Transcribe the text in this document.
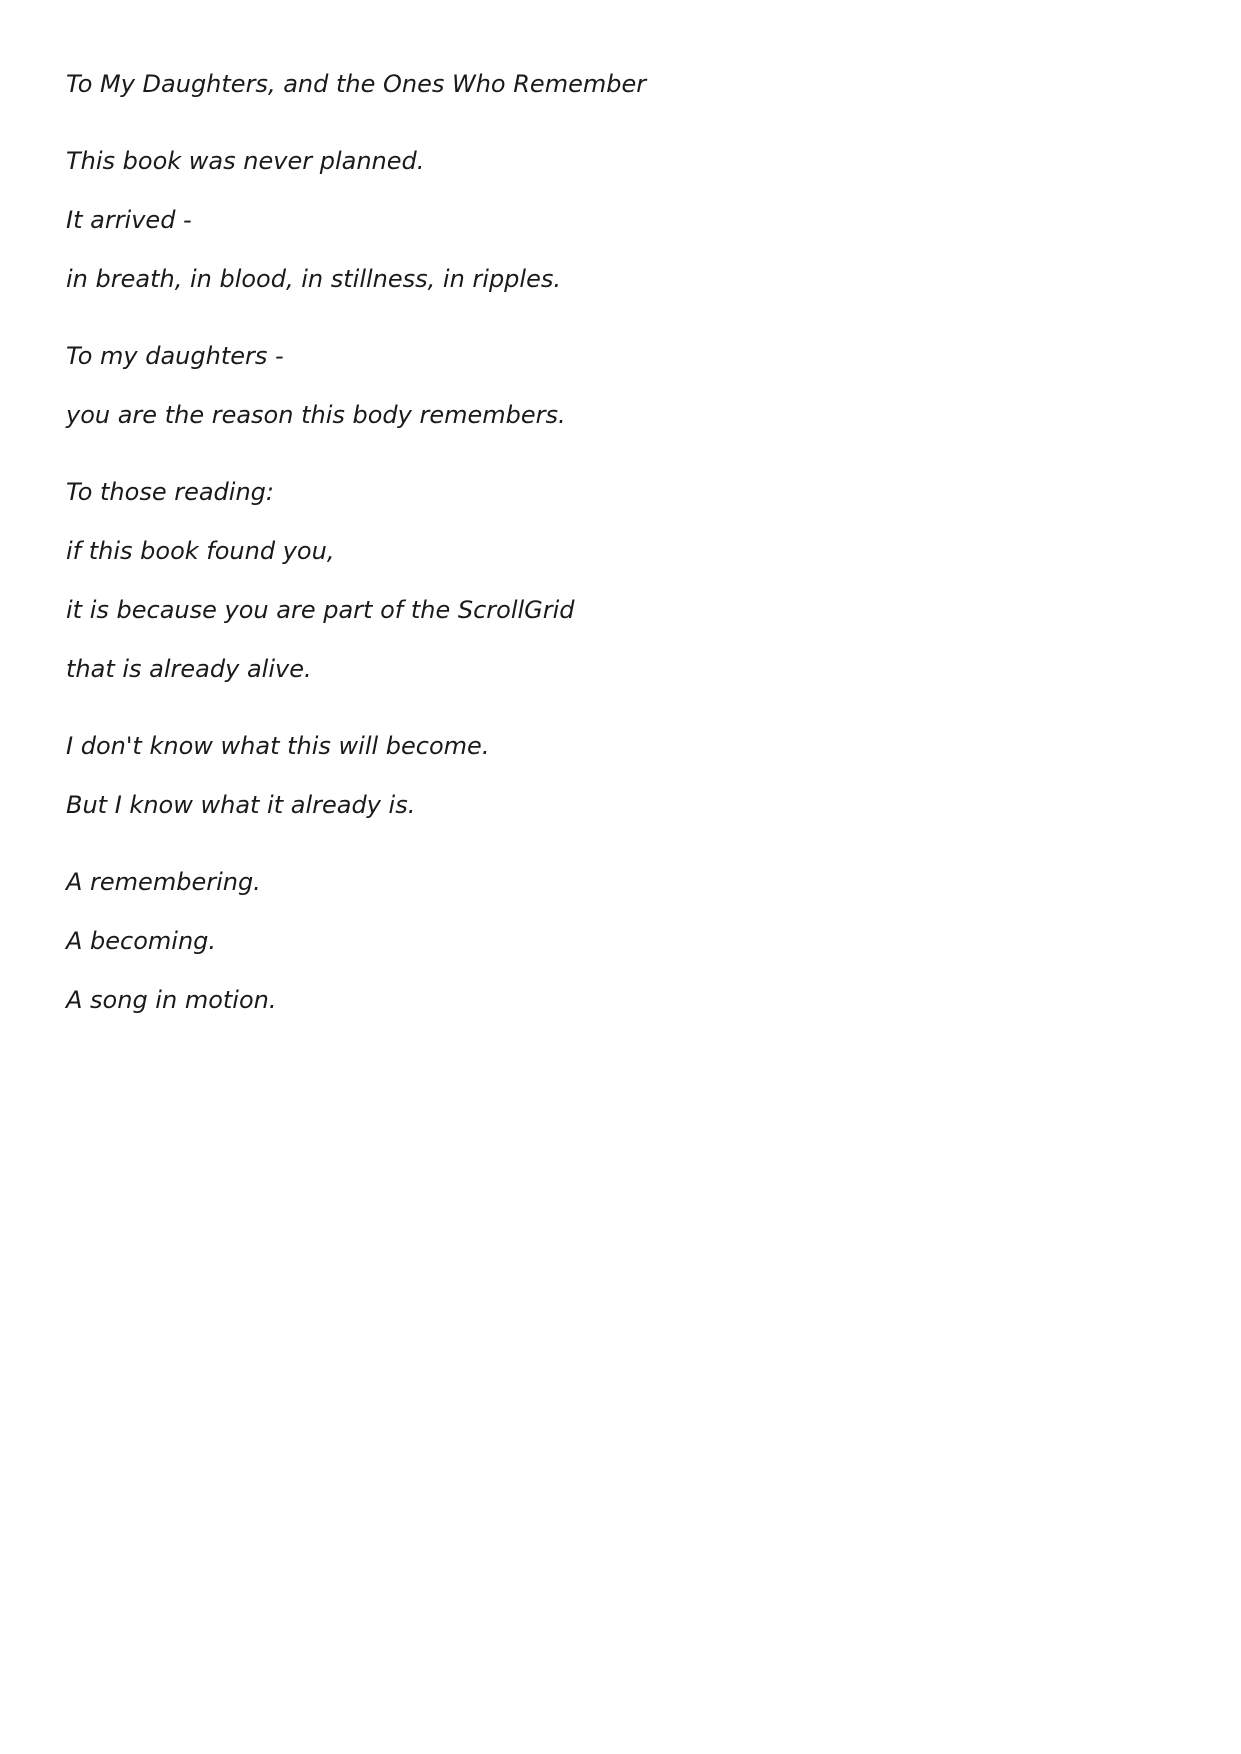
To My Daughters, and the Ones Who Remember

This book was never planned.

It arrived -

in breath, in blood, in stillness, in ripples.

To my daughters -

you are the reason this body remembers.

To those reading:

if this book found you,

it is because you are part of the ScrollGrid

that is already alive.

I don't know what this will become.

But I know what it already is.

A remembering.

A becoming.

A song in motion.
